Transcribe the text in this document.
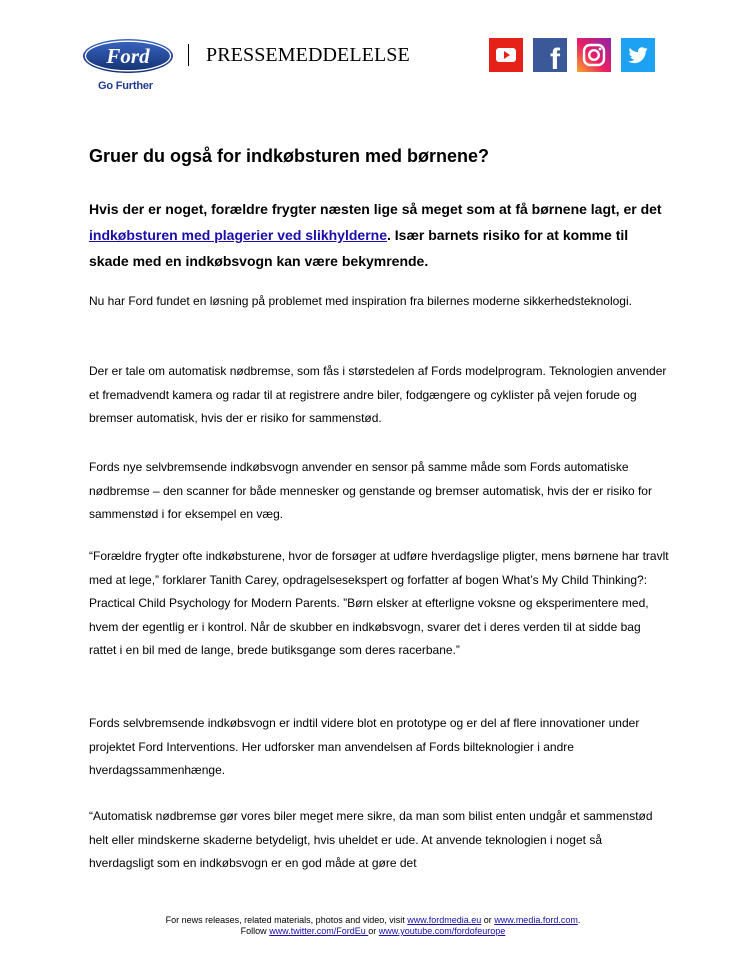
Ford
Go Further
PRESSEMEDDELELSE	f
Gruer du også for indkøbsturen med børnene?

Hvis der er noget, forældre frygter næsten lige så meget som at få børnene lagt, er det indkøbsturen med plagerier ved slikhylderne. Især barnets risiko for at komme til skade med en indkøbsvogn kan være bekymrende.

Nu har Ford fundet en løsning på problemet med inspiration fra bilernes moderne sikkerhedsteknologi.

Der er tale om automatisk nødbremse, som fås i størstedelen af Fords modelprogram. Teknologien anvender et fremadvendt kamera og radar til at registrere andre biler, fodgængere og cyklister på vejen forude og bremser automatisk, hvis der er risiko for sammenstød.

Fords nye selvbremsende indkøbsvogn anvender en sensor på samme måde som Fords automatiske nødbremse – den scanner for både mennesker og genstande og bremser automatisk, hvis der er risiko for sammenstød i for eksempel en væg.

“Forældre frygter ofte indkøbsturene, hvor de forsøger at udføre hverdagslige pligter, mens børnene har travlt med at lege,” forklarer Tanith Carey, opdragelsesekspert og forfatter af bogen What’s My Child Thinking?: Practical Child Psychology for Modern Parents. ”Børn elsker at efterligne voksne og eksperimentere med, hvem der egentlig er i kontrol. Når de skubber en indkøbsvogn, svarer det i deres verden til at sidde bag rattet i en bil med de lange, brede butiksgange som deres racerbane.”

Fords selvbremsende indkøbsvogn er indtil videre blot en prototype og er del af flere innovationer under projektet Ford Interventions. Her udforsker man anvendelsen af Fords bilteknologier i andre hverdagssammenhænge.

“Automatisk nødbremse gør vores biler meget mere sikre, da man som bilist enten undgår et sammenstød helt eller mindskerne skaderne betydeligt, hvis uheldet er ude. At anvende teknologien i noget så hverdagsligt som en indkøbsvogn er en god måde at gøre det

For news releases, related materials, photos and video, visit www.fordmedia.eu or www.media.ford.com.
Follow www.twitter.com/FordEu or www.youtube.com/fordofeurope
